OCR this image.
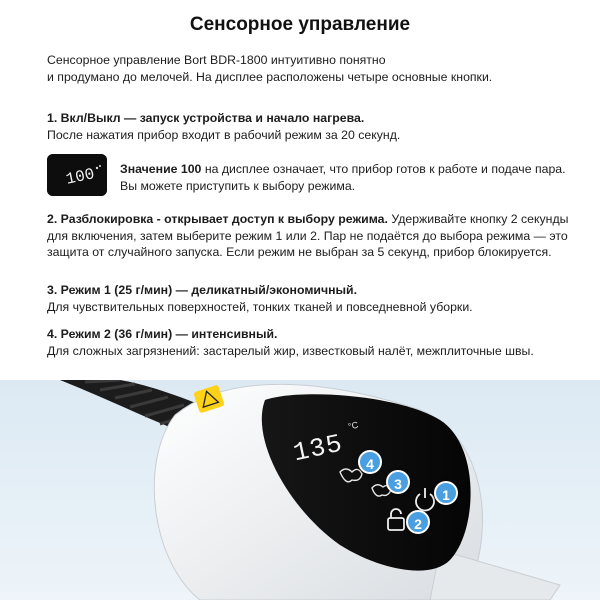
Сенсорное управление
Сенсорное управление Bort BDR-1800 интуитивно понятно
и продумано до мелочей. На дисплее расположены четыре основные кнопки.
1. Вкл/Выкл — запуск устройства и начало нагрева.
После нажатия прибор входит в рабочий режим за 20 секунд.
100 Значение 100 на дисплее означает, что прибор готов к работе и подаче пара. Вы можете приступить к выбору режима.
2. Разблокировка - открывает доступ к выбору режима. Удерживайте кнопку 2 секунды для включения, затем выберите режим 1 или 2. Пар не подаётся до выбора режима — это защита от случайного запуска. Если режим не выбран за 5 секунд, прибор блокируется.
3. Режим 1 (25 г/мин) — деликатный/экономичный.
Для чувствительных поверхностей, тонких тканей и повседневной уборки.
4. Режим 2 (36 г/мин) — интенсивный.
Для сложных загрязнений: застарелый жир, известковый налёт, межплиточные швы.
135
°C
4
3
1
2
